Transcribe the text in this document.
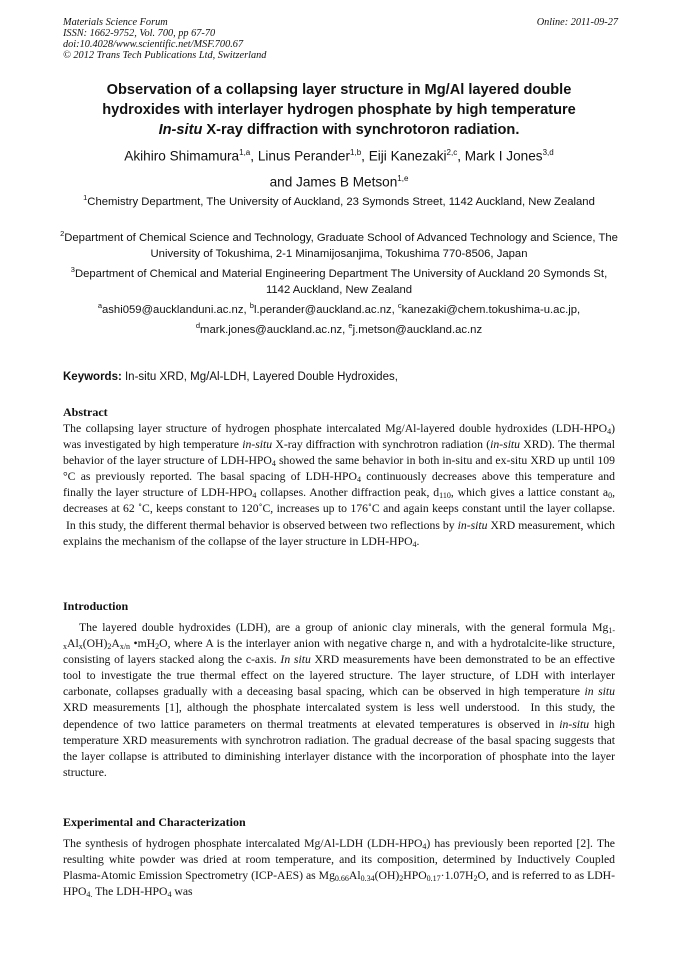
Materials Science Forum
ISSN: 1662-9752, Vol. 700, pp 67-70
doi:10.4028/www.scientific.net/MSF.700.67
© 2012 Trans Tech Publications Ltd, Switzerland
Online: 2011-09-27
Observation of a collapsing layer structure in Mg/Al layered double
hydroxides with interlayer hydrogen phosphate by high temperature
In-situ X-ray diffraction with synchrotoron radiation.
Akihiro Shimamura$^{1,a}$, Linus Perander$^{1,b}$, Eiji Kanezaki$^{2,c}$, Mark I Jones$^{3,d}$
and James B Metson$^{1,e}$
$^1$Chemistry Department, The University of Auckland, 23 Symonds Street, 1142 Auckland, New Zealand
$^2$Department of Chemical Science and Technology, Graduate School of Advanced Technology and Science, The University of Tokushima, 2-1 Minamijosanjima, Tokushima 770-8506, Japan
$^3$Department of Chemical and Material Engineering Department The University of Auckland 20 Symonds St, 1142 Auckland, New Zealand
$^a$ashi059@aucklanduni.ac.nz, $^b$l.perander@auckland.ac.nz, $^c$kanezaki@chem.tokushima-u.ac.jp,
$^d$mark.jones@auckland.ac.nz, $^e$j.metson@auckland.ac.nz
Keywords: In-situ XRD, Mg/Al-LDH, Layered Double Hydroxides,
Abstract
The collapsing layer structure of hydrogen phosphate intercalated Mg/Al-layered double hydroxides $(LDH-HPO_4)$ was investigated by high temperature in-situ X-ray diffraction with synchrotron radiation (in-situ XRD). The thermal behavior of the layer structure of LDH-$HPO_4$ showed the same behavior in both in-situ and ex-situ XRD up until 109 °C as previously reported. The basal spacing of LDH-$HPO_4$ continuously decreases above this temperature and finally the layer structure of LDH-$HPO_4$ collapses. Another diffraction peak, $d_{110}$, which gives a lattice constant $a_0$, decreases at 62 ˚C, keeps constant to 120˚C, increases up to 176˚C and again keeps constant until the layer collapse.  In this study, the different thermal behavior is observed between two reflections by in-situ XRD measurement, which explains the mechanism of the collapse of the layer structure in LDH-$HPO_4$.
Introduction
The layered double hydroxides (LDH), are a group of anionic clay minerals, with the general formula $Mg_{1-x}Al_x(OH)_2A_{x/n}$ $•mH_2O$, where A is the interlayer anion with negative charge n, and with a hydrotalcite-like structure, consisting of layers stacked along the c-axis. In situ XRD measurements have been demonstrated to be an effective tool to investigate the true thermal effect on the layered structure. The layer structure, of LDH with interlayer carbonate, collapses gradually with a deceasing basal spacing, which can be observed in high temperature in situ XRD measurements [1], although the phosphate intercalated system is less well understood.  In this study, the dependence of two lattice parameters on thermal treatments at elevated temperatures is observed in in-situ high temperature XRD measurements with synchrotron radiation. The gradual decrease of the basal spacing suggests that the layer collapse is attributed to diminishing interlayer distance with the incorporation of phosphate into the layer structure.
Experimental and Characterization
The synthesis of hydrogen phosphate intercalated Mg/Al-LDH $(LDH-HPO_4)$ has previously been reported [2]. The resulting white powder was dried at room temperature, and its composition, determined by Inductively Coupled Plasma-Atomic Emission Spectrometry (ICP-AES) as $Mg_{0.66}Al_{0.34}(OH)_2HPO_{0.17}\cdot 1.07H_2O$, and is referred to as LDH-$HPO_{4.}$ The LDH-$HPO_4$ was
